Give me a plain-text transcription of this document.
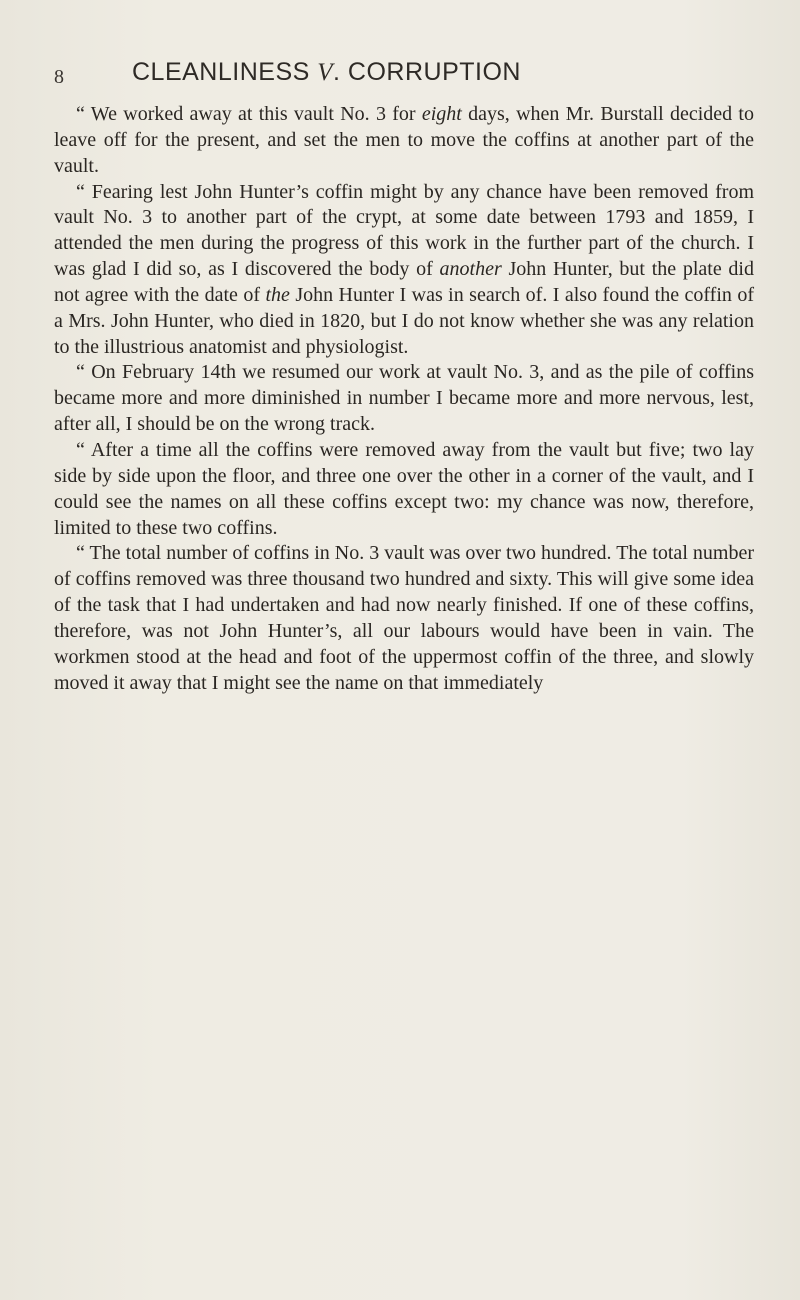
8	CLEANLINESS V. CORRUPTION

“ We worked away at this vault No. 3 for eight days, when Mr. Burstall decided to leave off for the present, and set the men to move the coffins at another part of the vault.

“ Fearing lest John Hunter’s coffin might by any chance have been removed from vault No. 3 to another part of the crypt, at some date between 1793 and 1859, I attended the men during the progress of this work in the further part of the church. I was glad I did so, as I discovered the body of another John Hunter, but the plate did not agree with the date of the John Hunter I was in search of. I also found the coffin of a Mrs. John Hunter, who died in 1820, but I do not know whether she was any relation to the illustrious anatomist and physiologist.

“ On February 14th we resumed our work at vault No. 3, and as the pile of coffins became more and more diminished in number I became more and more nervous, lest, after all, I should be on the wrong track.

“ After a time all the coffins were removed away from the vault but five; two lay side by side upon the floor, and three one over the other in a corner of the vault, and I could see the names on all these coffins except two: my chance was now, therefore, limited to these two coffins.

“ The total number of coffins in No. 3 vault was over two hundred. The total number of coffins removed was three thousand two hundred and sixty. This will give some idea of the task that I had undertaken and had now nearly finished. If one of these coffins, therefore, was not John Hunter’s, all our labours would have been in vain. The workmen stood at the head and foot of the uppermost coffin of the three, and slowly moved it away that I might see the name on that immediately
